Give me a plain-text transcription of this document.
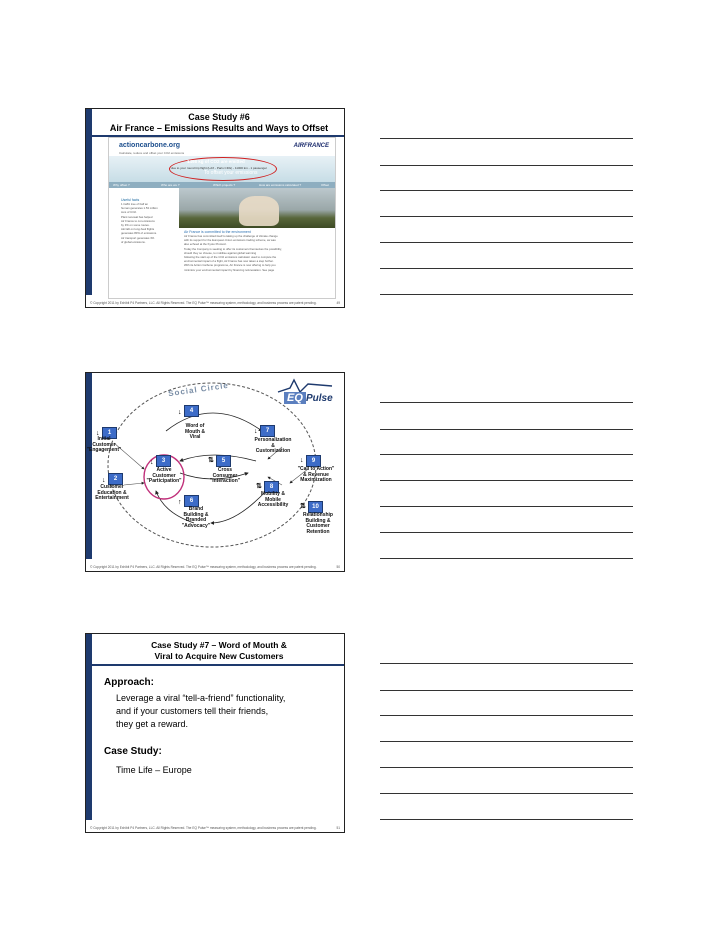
Case Study #6
Air France – Emissions Results and Ways to Offset
actioncarbone.org
Calculate, reduce and offset your CO2 emissions
AIRFRANCE
1498 kg of CO2 are emitted
due to your round trip flight (LAX - Paris CDG) - 11000 km - 1 passenger
To offset your emissions
Why offset ?	Who are we ?	Which projects ?	How are emissions calculated ?	Offset
Useful facts

1 traffic tree of half an

human generates 1.53 million

tons of CO2.

Plant renewal has helped

Air France to cut emissions

by 3% on some routes.

Aircraft on long-haul flights

generates 80% of emissions.

Air transport generates 3%

of global emissions.

Air France is committed to the environment

Air France has committed itself to taking up the challenge of climate change

with its support for the European Union emissions trading scheme, as was

also echoed at the Kyoto Protocol.

Today the Company is seeking to offer its customers themselves the possibility,

should they so choose, to mobilise against global warming

following the start-up of the CO2 emissions calculator used to compute the

environmental impact of a flight, Air France has now taken a step further.

With its Action Carbone programme, Air France is now offering to help you

minimize your environmental impact by financing reforestation. See page

© Copyright 2011 by Exhibit P4 Partners, LLC. All Rights Reserved. The EQ Pulse™ measuring system, methodology, and business process are patent pending.	49
Social Circle	EQ Pulse
↓	1
Initial
Customer
"Engagement"
↓	2
Customer
Education &
Entertainment
↓	3
Active
Customer
"Participation"
↓	4
Word of
Mouth &
Viral
⇅	5
Cross
Consumer
"Interaction"
↑	6
Brand
Building &
Branded
"Advocacy"
↓	7
Personalization
&
Customization
⇅	8
Mobility &
Mobile
Accessibility
↓	9
"Call to Action"
& Revenue
Maximization
⇅	10
Relationship
Building &
Customer
Retention
© Copyright 2011 by Exhibit P4 Partners, LLC. All Rights Reserved. The EQ Pulse™ measuring system, methodology, and business process are patent pending.	50
Case Study #7 – Word of Mouth &
Viral to Acquire New Customers
Approach:
Leverage a viral “tell-a-friend” functionality,
and if your customers tell their friends,
they get a reward.
Case Study:
Time Life – Europe
© Copyright 2011 by Exhibit P4 Partners, LLC. All Rights Reserved. The EQ Pulse™ measuring system, methodology, and business process are patent pending.	51
